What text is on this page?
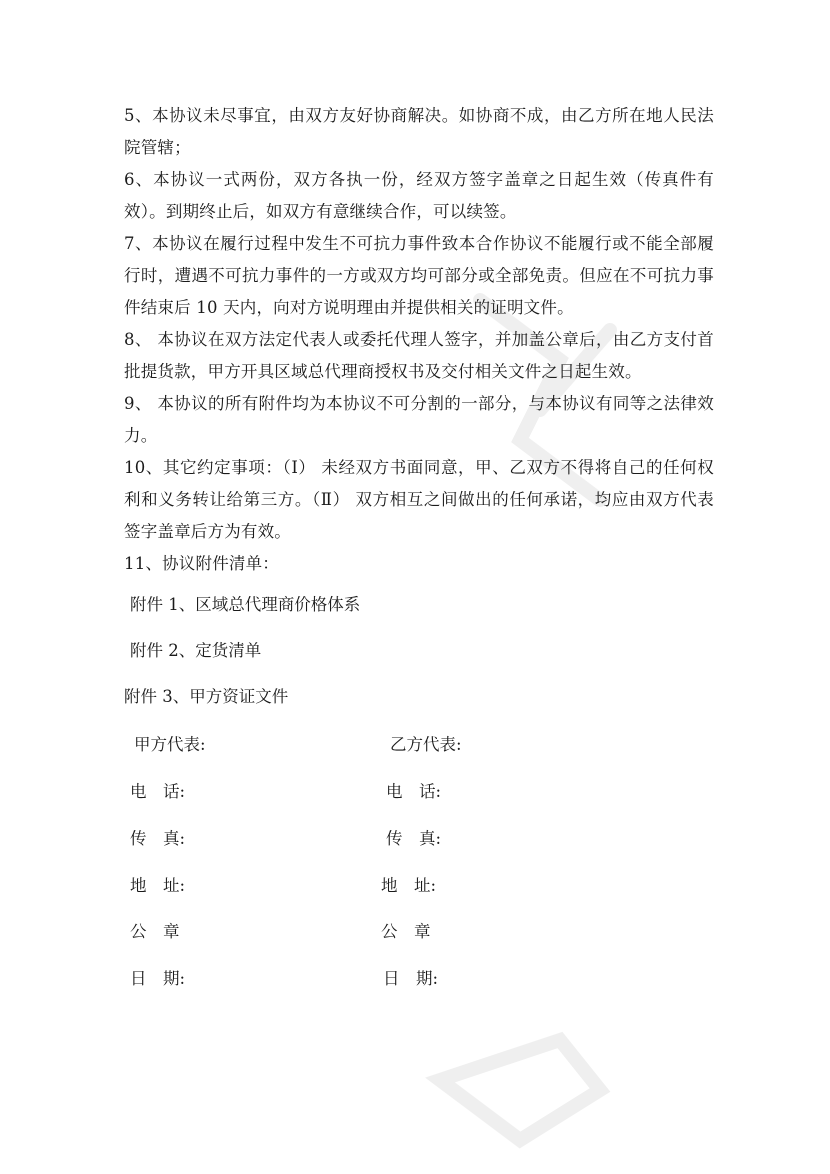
5、本协议未尽事宜，由双方友好协商解决。如协商不成，由乙方所在地人民法院管辖；

6、本协议一式两份，双方各执一份，经双方签字盖章之日起生效（传真件有效）。到期终止后，如双方有意继续合作，可以续签。

7、本协议在履行过程中发生不可抗力事件致本合作协议不能履行或不能全部履行时，遭遇不可抗力事件的一方或双方均可部分或全部免责。但应在不可抗力事件结束后 10 天内，向对方说明理由并提供相关的证明文件。

8、 本协议在双方法定代表人或委托代理人签字，并加盖公章后，由乙方支付首批提货款，甲方开具区域总代理商授权书及交付相关文件之日起生效。

9、 本协议的所有附件均为本协议不可分割的一部分，与本协议有同等之法律效力。

10、其它约定事项：（Ⅰ） 未经双方书面同意，甲、乙双方不得将自己的任何权利和义务转让给第三方。（Ⅱ） 双方相互之间做出的任何承诺，均应由双方代表签字盖章后方为有效。

11、协议附件清单：

附件 1、区域总代理商价格体系

附件 2、定货清单

附件 3、甲方资证文件

甲方代表:

电　话:

传　真:

地　址:

公　章

日　期:

乙方代表:

电　话:

传　真:

地　址:

公　章

日　期:
